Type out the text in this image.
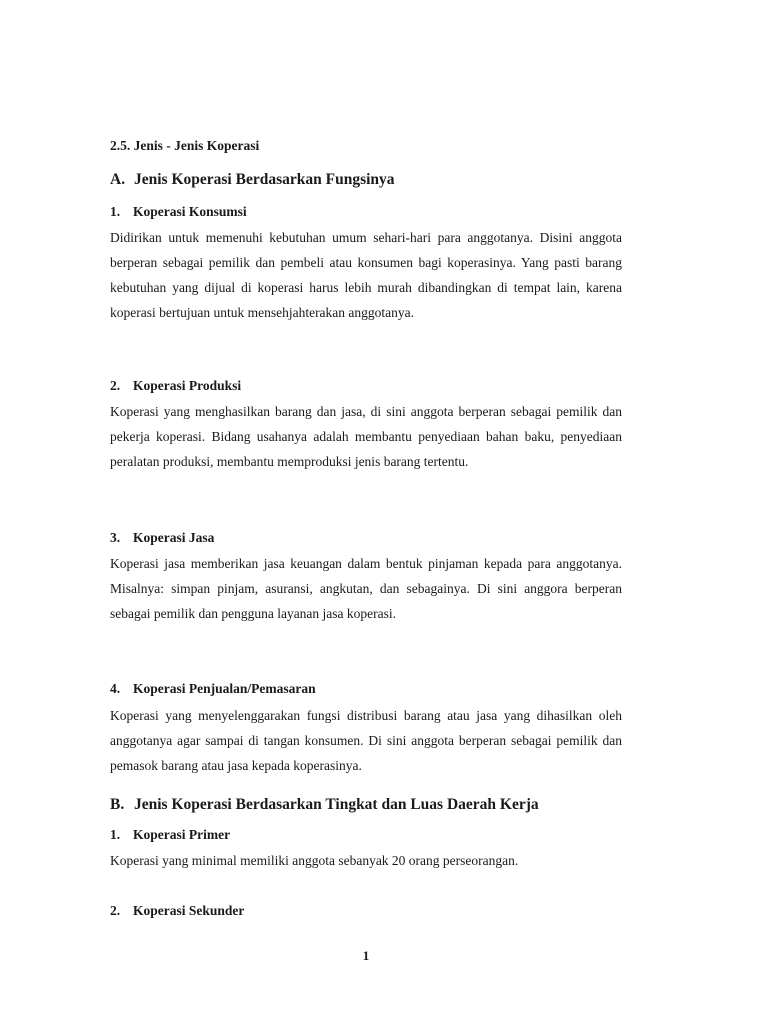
2.5. Jenis - Jenis Koperasi

A. Jenis Koperasi Berdasarkan Fungsinya
1. Koperasi Konsumsi

Didirikan untuk memenuhi kebutuhan umum sehari-hari para anggotanya. Disini anggota berperan sebagai pemilik dan pembeli atau konsumen bagi koperasinya. Yang pasti barang kebutuhan yang dijual di koperasi harus lebih murah dibandingkan di tempat lain, karena koperasi bertujuan untuk mensehjahterakan anggotanya.

2. Koperasi Produksi

Koperasi yang menghasilkan barang dan jasa, di sini anggota berperan sebagai pemilik dan pekerja koperasi. Bidang usahanya adalah membantu penyediaan bahan baku, penyediaan peralatan produksi, membantu memproduksi jenis barang tertentu.

3. Koperasi Jasa

Koperasi jasa memberikan jasa keuangan dalam bentuk pinjaman kepada para anggotanya. Misalnya: simpan pinjam, asuransi, angkutan, dan sebagainya. Di sini anggora berperan sebagai pemilik dan pengguna layanan jasa koperasi.

4. Koperasi Penjualan/Pemasaran

Koperasi yang menyelenggarakan fungsi distribusi barang atau jasa yang dihasilkan oleh anggotanya agar sampai di tangan konsumen. Di sini anggota berperan sebagai pemilik dan pemasok barang atau jasa kepada koperasinya.

B. Jenis Koperasi Berdasarkan Tingkat dan Luas Daerah Kerja
1. Koperasi Primer

Koperasi yang minimal memiliki anggota sebanyak 20 orang perseorangan.

2. Koperasi Sekunder

1
